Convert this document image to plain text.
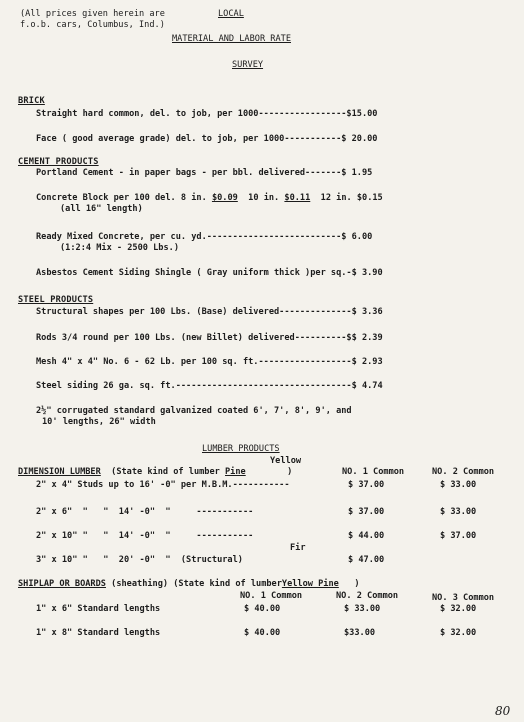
(All prices given herein are	LOCAL
f.o.b. cars, Columbus, Ind.)
MATERIAL AND LABOR RATE
SURVEY
BRICK
Straight hard common, del. to job, per 1000-----------------$15.00
Face ( good average grade) del. to job, per 1000-----------$ 20.00
CEMENT PRODUCTS
Portland Cement - in paper bags - per bbl. delivered-------$ 1.95
Concrete Block per 100 del. 8 in. $0.09 10 in. $0.11 12 in. $0.15
(all 16" length)
Ready Mixed Concrete, per cu. yd.--------------------------$ 6.00
(1:2:4 Mix - 2500 Lbs.)
Asbestos Cement Siding Shingle ( Gray uniform thick )per sq.-$ 3.90
STEEL PRODUCTS
Structural shapes per 100 Lbs. (Base) delivered--------------$ 3.36
Rods 3/4 round per 100 Lbs. (new Billet) delivered----------$$ 2.39
Mesh 4" x 4" No. 6 - 62 Lb. per 100 sq. ft.------------------$ 2.93
Steel siding 26 ga. sq. ft.----------------------------------$ 4.74
2½" corrugated standard galvanized coated 6', 7', 8', 9', and
10' lengths, 26" width
LUMBER PRODUCTS
Yellow
DIMENSION LUMBER (State kind of lumber Pine	)	NO. 1 Common	NO. 2 Common
2" x 4" Studs up to 16' -0" per M.B.M.-----------	$ 37.00	$ 33.00
2" x 6"  "   "  14' -0"  "     -----------	$ 37.00	$ 33.00
2" x 10" "   "  14' -0"  "     -----------	$ 44.00	$ 37.00
Fir
3" x 10" "   "  20' -0"  "  (Structural)	$ 47.00
SHIPLAP OR BOARDS (sheathing) (State kind of lumberYellow Pine )
NO. 1 Common	NO. 2 Common	NO. 3 Common
1" x 6" Standard lengths	$ 40.00	$ 33.00	$ 32.00
1" x 8" Standard lengths	$ 40.00	$33.00	$ 32.00
80
